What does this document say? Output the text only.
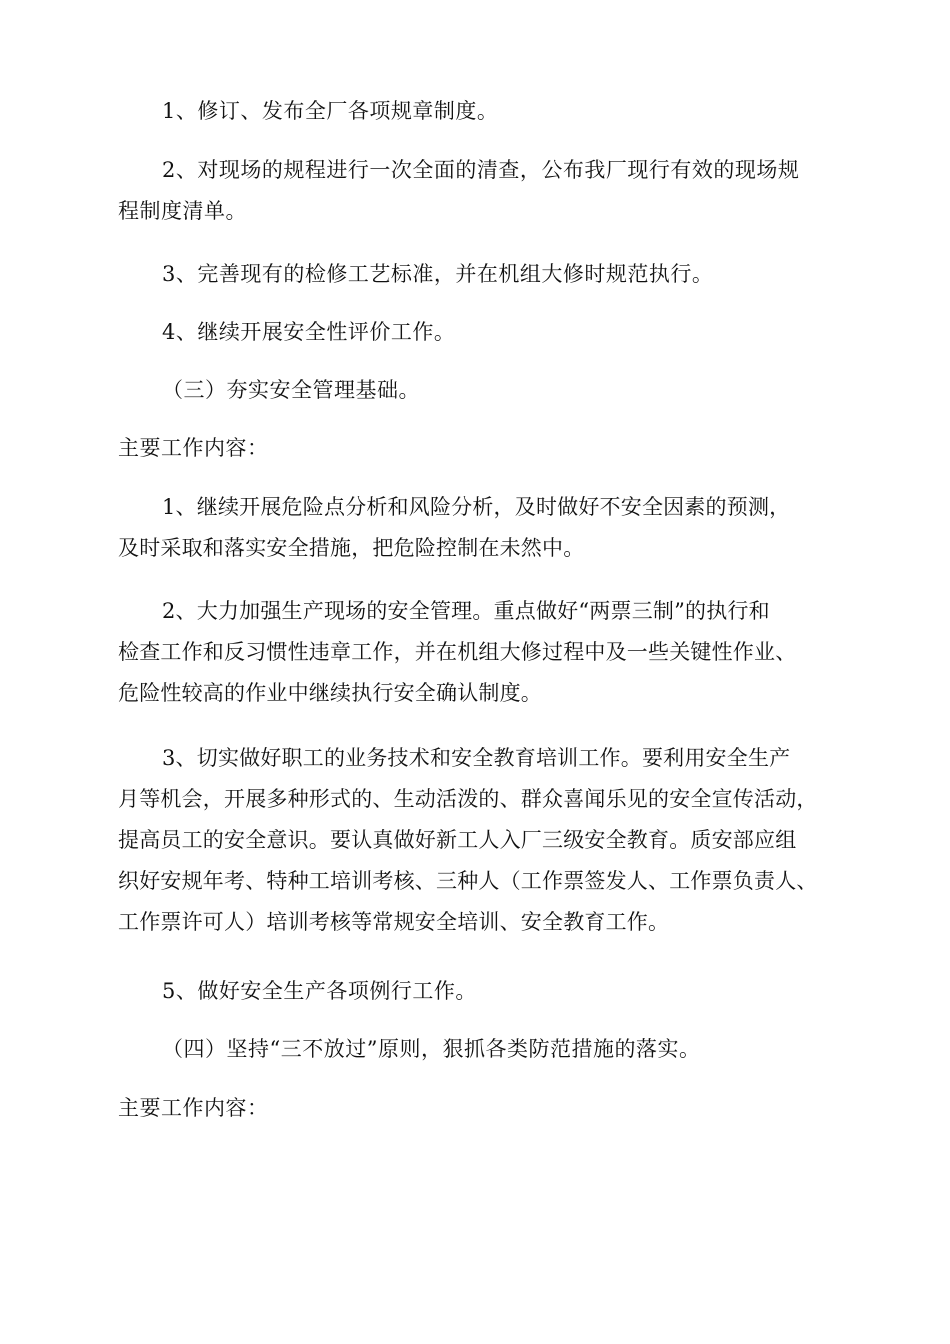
1、修订、发布全厂各项规章制度。

2、对现场的规程进行一次全面的清查，公布我厂现行有效的现场规
程制度清单。

3、完善现有的检修工艺标准，并在机组大修时规范执行。

4、继续开展安全性评价工作。

（三）夯实安全管理基础。

主要工作内容：

1、继续开展危险点分析和风险分析，及时做好不安全因素的预测，
及时采取和落实安全措施，把危险控制在未然中。

2、大力加强生产现场的安全管理。重点做好“两票三制”的执行和
检查工作和反习惯性违章工作，并在机组大修过程中及一些关键性作业、
危险性较高的作业中继续执行安全确认制度。

3、切实做好职工的业务技术和安全教育培训工作。要利用安全生产
月等机会，开展多种形式的、生动活泼的、群众喜闻乐见的安全宣传活动，
提高员工的安全意识。要认真做好新工人入厂三级安全教育。质安部应组
织好安规年考、特种工培训考核、三种人（工作票签发人、工作票负责人、
工作票许可人）培训考核等常规安全培训、安全教育工作。

5、做好安全生产各项例行工作。

（四）坚持“三不放过”原则，狠抓各类防范措施的落实。

主要工作内容：
